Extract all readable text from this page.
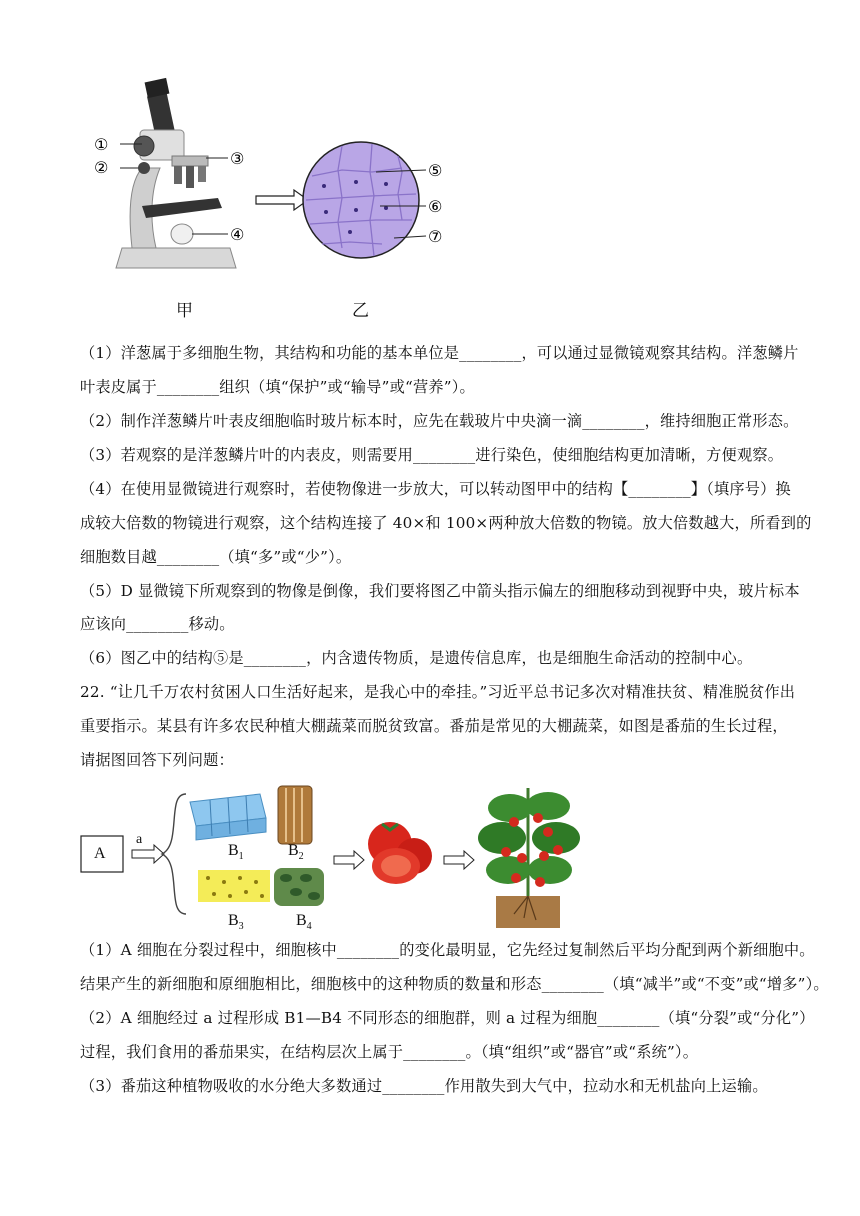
①
②	③
④
⑤
⑥
⑦
甲	乙
（1）洋葱属于多细胞生物，其结构和功能的基本单位是________，可以通过显微镜观察其结构。洋葱鳞片
叶表皮属于________组织（填“保护”或“输导”或“营养”）。
（2）制作洋葱鳞片叶表皮细胞临时玻片标本时，应先在载玻片中央滴一滴________，维持细胞正常形态。
（3）若观察的是洋葱鳞片叶的内表皮，则需要用________进行染色，使细胞结构更加清晰，方便观察。
（4）在使用显微镜进行观察时，若使物像进一步放大，可以转动图甲中的结构【________】（填序号）换
成较大倍数的物镜进行观察，这个结构连接了 40×和 100×两种放大倍数的物镜。放大倍数越大，所看到的
细胞数目越________（填“多”或“少”）。
（5）D 显微镜下所观察到的物像是倒像，我们要将图乙中箭头指示偏左的细胞移动到视野中央，玻片标本
应该向________移动。
（6）图乙中的结构⑤是________，内含遗传物质，是遗传信息库，也是细胞生命活动的控制中心。
22. “让几千万农村贫困人口生活好起来，是我心中的牵挂。”习近平总书记多次对精准扶贫、精准脱贫作出
重要指示。某县有许多农民种植大棚蔬菜而脱贫致富。番茄是常见的大棚蔬菜，如图是番茄的生长过程，
请据图回答下列问题：
A
a
$B_1$	$B_2$
$B_3$	$B_4$
（1）A 细胞在分裂过程中，细胞核中________的变化最明显，它先经过复制然后平均分配到两个新细胞中。
结果产生的新细胞和原细胞相比，细胞核中的这种物质的数量和形态________（填“减半”或“不变”或“增多”）。
（2）A 细胞经过 a 过程形成 B1—B4 不同形态的细胞群，则 a 过程为细胞________（填“分裂”或“分化”）
过程，我们食用的番茄果实，在结构层次上属于________。（填“组织”或“器官”或“系统”）。
（3）番茄这种植物吸收的水分绝大多数通过________作用散失到大气中，拉动水和无机盐向上运输。
